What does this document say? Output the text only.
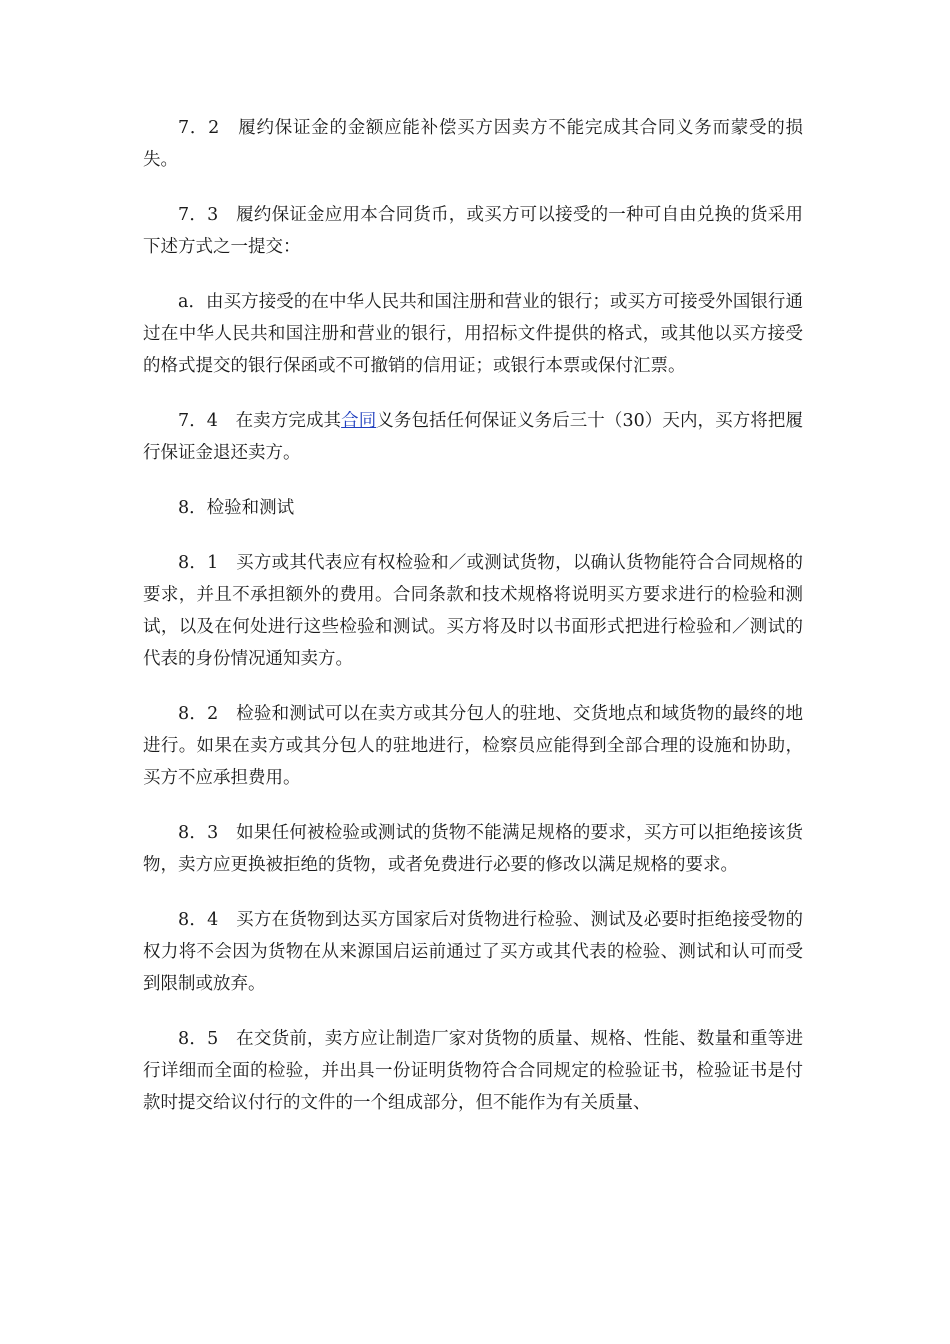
7．2　履约保证金的金额应能补偿买方因卖方不能完成其合同义务而蒙受的损失。

7．3　履约保证金应用本合同货币，或买方可以接受的一种可自由兑换的货采用下述方式之一提交：

a．由买方接受的在中华人民共和国注册和营业的银行；或买方可接受外国银行通过在中华人民共和国注册和营业的银行，用招标文件提供的格式，或其他以买方接受的格式提交的银行保函或不可撤销的信用证；或银行本票或保付汇票。

7．4　在卖方完成其合同义务包括任何保证义务后三十（30）天内，买方将把履行保证金退还卖方。

8．检验和测试

8．1　买方或其代表应有权检验和／或测试货物，以确认货物能符合合同规格的要求，并且不承担额外的费用。合同条款和技术规格将说明买方要求进行的检验和测试，以及在何处进行这些检验和测试。买方将及时以书面形式把进行检验和／测试的代表的身份情况通知卖方。

8．2　检验和测试可以在卖方或其分包人的驻地、交货地点和域货物的最终的地进行。如果在卖方或其分包人的驻地进行，检察员应能得到全部合理的设施和协助，买方不应承担费用。

8．3　如果任何被检验或测试的货物不能满足规格的要求，买方可以拒绝接该货物，卖方应更换被拒绝的货物，或者免费进行必要的修改以满足规格的要求。

8．4　买方在货物到达买方国家后对货物进行检验、测试及必要时拒绝接受物的权力将不会因为货物在从来源国启运前通过了买方或其代表的检验、测试和认可而受到限制或放弃。

8．5　在交货前，卖方应让制造厂家对货物的质量、规格、性能、数量和重等进行详细而全面的检验，并出具一份证明货物符合合同规定的检验证书，检验证书是付款时提交给议付行的文件的一个组成部分，但不能作为有关质量、
